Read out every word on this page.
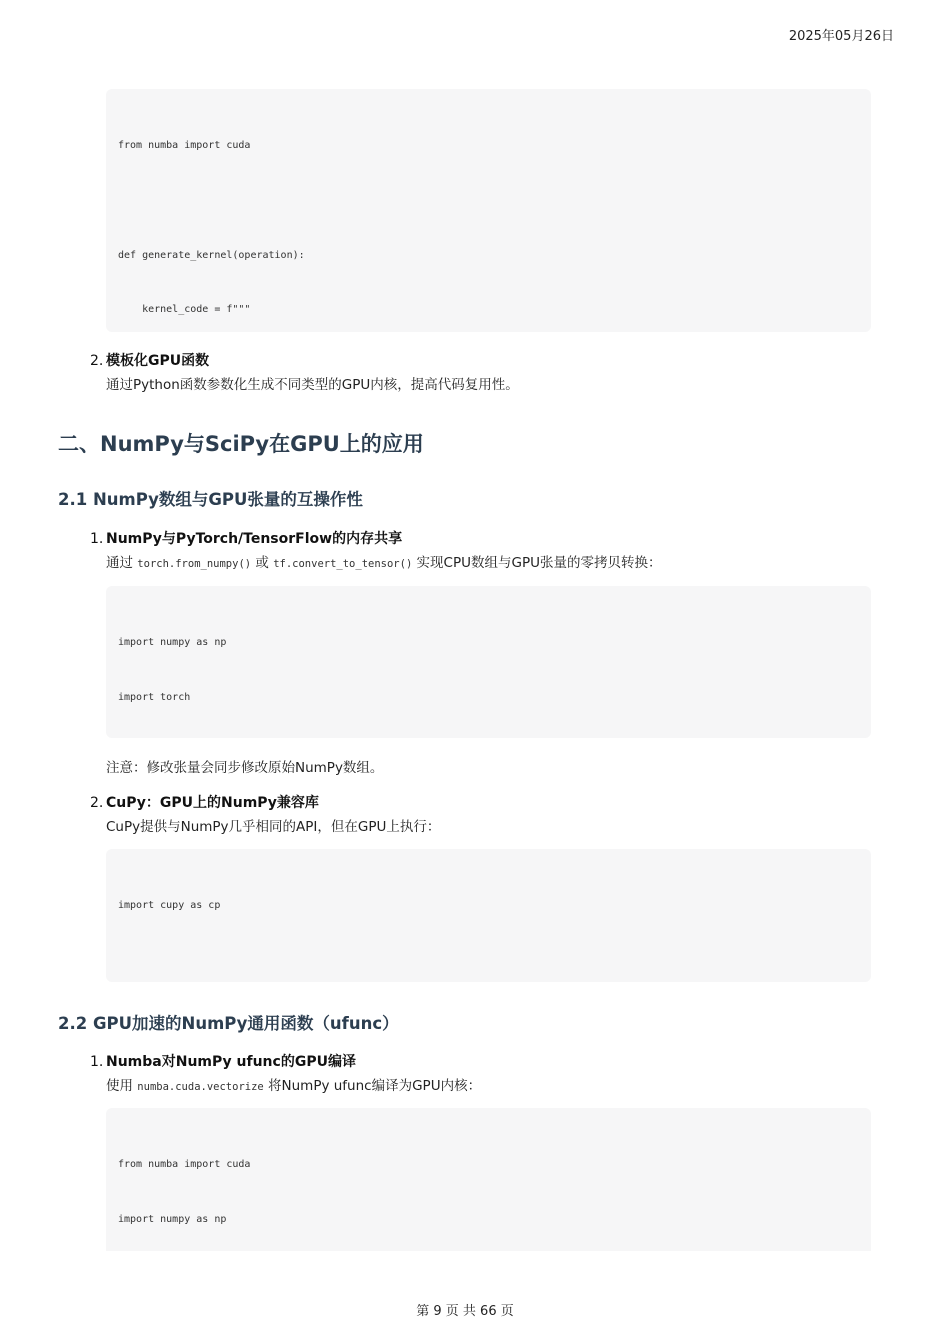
2025年05月26日

from numba import cuda

def generate_kernel(operation):

kernel_code = f"""

2. 模板化GPU函数
通过Python函数参数化生成不同类型的GPU内核，提高代码复用性。
二、NumPy与SciPy在GPU上的应用
2.1 NumPy数组与GPU张量的互操作性
1. NumPy与PyTorch/TensorFlow的内存共享
通过 torch.from_numpy() 或 tf.convert_to_tensor() 实现CPU数组与GPU张量的零拷贝转换：

import numpy as np

import torch

注意：修改张量会同步修改原始NumPy数组。
2. CuPy：GPU上的NumPy兼容库
CuPy提供与NumPy几乎相同的API，但在GPU上执行：

import cupy as cp

2.2 GPU加速的NumPy通用函数（ufunc）
1. Numba对NumPy ufunc的GPU编译
使用 numba.cuda.vectorize 将NumPy ufunc编译为GPU内核：

from numba import cuda

import numpy as np

第 9 页 共 66 页
